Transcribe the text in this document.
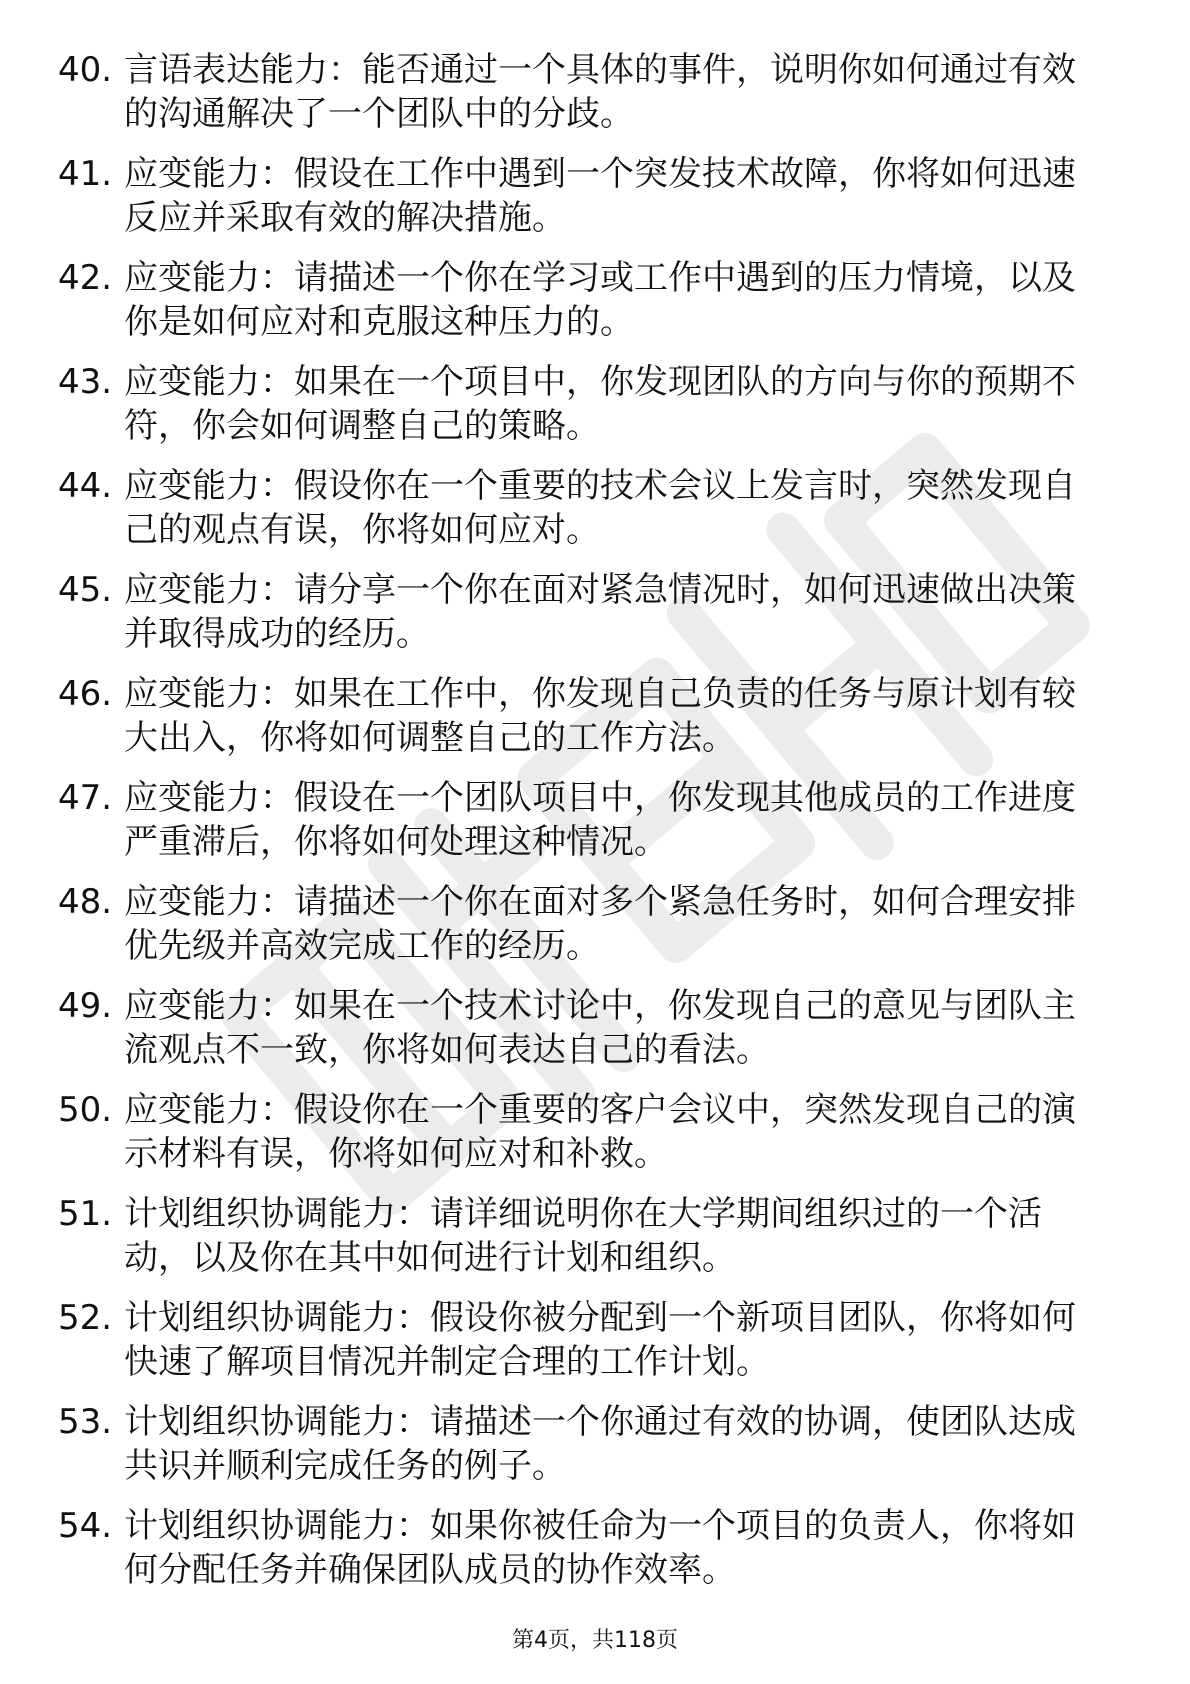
40. 言语表达能力：能否通过一个具体的事件，说明你如何通过有效
的沟通解决了一个团队中的分歧。
41. 应变能力：假设在工作中遇到一个突发技术故障，你将如何迅速
反应并采取有效的解决措施。
42. 应变能力：请描述一个你在学习或工作中遇到的压力情境，以及
你是如何应对和克服这种压力的。
43. 应变能力：如果在一个项目中，你发现团队的方向与你的预期不
符，你会如何调整自己的策略。
44. 应变能力：假设你在一个重要的技术会议上发言时，突然发现自
己的观点有误，你将如何应对。
45. 应变能力：请分享一个你在面对紧急情况时，如何迅速做出决策
并取得成功的经历。
46. 应变能力：如果在工作中，你发现自己负责的任务与原计划有较
大出入，你将如何调整自己的工作方法。
47. 应变能力：假设在一个团队项目中，你发现其他成员的工作进度
严重滞后，你将如何处理这种情况。
48. 应变能力：请描述一个你在面对多个紧急任务时，如何合理安排
优先级并高效完成工作的经历。
49. 应变能力：如果在一个技术讨论中，你发现自己的意见与团队主
流观点不一致，你将如何表达自己的看法。
50. 应变能力：假设你在一个重要的客户会议中，突然发现自己的演
示材料有误，你将如何应对和补救。
51. 计划组织协调能力：请详细说明你在大学期间组织过的一个活
动，以及你在其中如何进行计划和组织。
52. 计划组织协调能力：假设你被分配到一个新项目团队，你将如何
快速了解项目情况并制定合理的工作计划。
53. 计划组织协调能力：请描述一个你通过有效的协调，使团队达成
共识并顺利完成任务的例子。
54. 计划组织协调能力：如果你被任命为一个项目的负责人，你将如
何分配任务并确保团队成员的协作效率。
第4页，共118页
